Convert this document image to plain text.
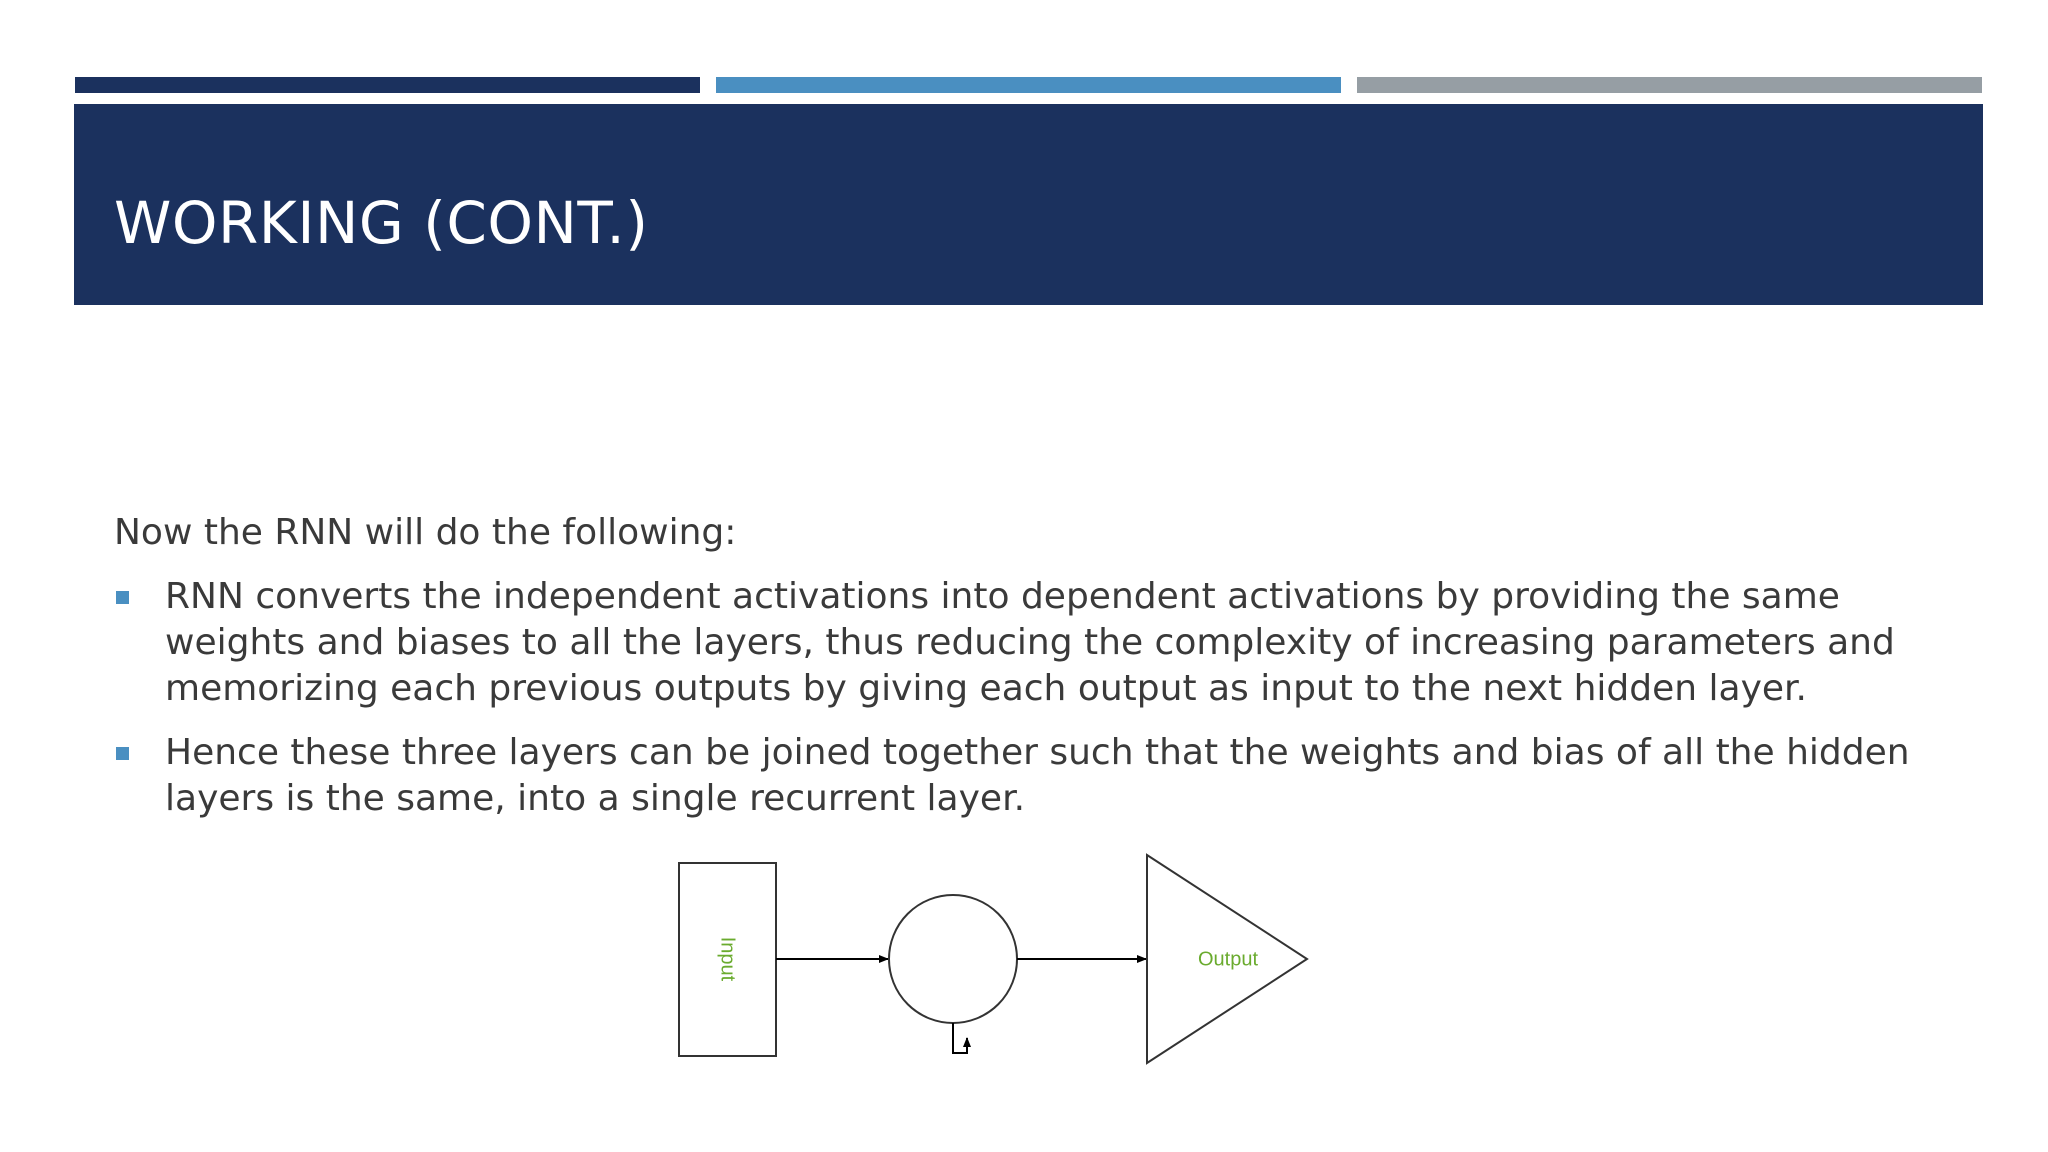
WORKING (CONT.)

Now the RNN will do the following:

RNN converts the independent activations into dependent activations by providing the same weights and biases to all the layers, thus reducing the complexity of increasing parameters and memorizing each previous outputs by giving each output as input to the next hidden layer.
Hence these three layers can be joined together such that the weights and bias of all the hidden layers is the same, into a single recurrent layer.
Input	Output
